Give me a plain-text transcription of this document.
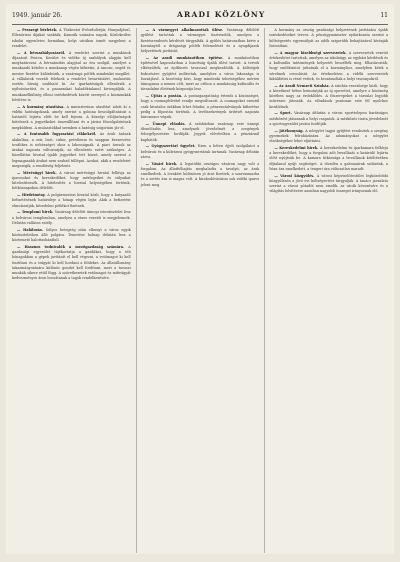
1949. január 26.	ARADI KÖZLÖNY	11

— Pesszegi bérletek. A Tüskevári Évfordulóéjár, Hanyadjával, Ellenőrizni díjakat szabták, Kamrák számára napok, Közlekedési iskolai egyenletes formában, helyi utcákon ismét megjelent a rendelet.

— A bérszabályozásról. A rendelet szerint a munkások díjazását Pesten, Kerület és vidéke új szabályok alapján kell meghatározni. A bérszámítás alapjául az óra szolgál, amelyet a munkaadó köteles a munkanap végén kifizetni. A tanonc, segéd és mester fizetése különbözik, a vasárnapi pótlék mindenkit megillet. A vállalatok vezetői felelnek a rendelet betartásáért, mulasztás esetén bírság szabható ki. Az iparhatóságok ellenőrzik a nyilvántartást, és a panaszokat haladéktalanul kivizsgálják. A munkanélküliség elleni intézkedések között szerepel a közmunkák bővítése is.

— A kormány utasítása. A miniszterium utasítást adott ki a vidéki hatóságoknak, amely szerint a gabona beszolgáltatását a határidő lejárta előtt be kell fejezni. A községi elöljáróságok kötelesek a jegyzékeket összeállítani és a járási főszolgabírónak megküldeni. A mulasztókkal szemben a hatóság szigorúan jár el.

— A fontosabb fogyasztási cikkekről. Az áruk árának alakulása, a zsír, liszt, cukor, petróleum és szappan beszerzése továbbra is nehézséget okoz a lakosságnak. A piaci árusok az árakat naponta változtatják, az ellenőrzés ezért szükséges. A közellátási hivatal újabb jegyzéket tett közzé, amely szerint a legmagasabb árakat nem szabad túllépni. Azokat, akik a rendeletet megszegik, a rendőrség feljelenti.

— Mérésügyi hírek. A városi mérésügyi hivatal felhívja az iparosokat és kereskedőket, hogy mérlegeiket és súlyaikat hitelesíttessék. A hitelesítés a hivatal helyiségében történik, hétköznapokon délelőtt.

— Hirdetmény. A polgármesteri hivatal közli, hogy a kutyaadó befizetésének határideje a hónap végén lejár. Akik a befizetést elmulasztják, késedelmi pótlékot fizetnek.

— Templomi hírek. Vasárnap délelőtt ünnepi istentisztelet lesz a belvárosi templomban, amelyen a város vezetői is megjelennek. Délután vallásos estély.

— Halálozás. Súlyos betegség után elhunyt a város egyik köztiszteletben álló polgára. Temetése holnap délután lesz a köztemető halottasházából.

— Hasznos tudnivalók a mezőgazdaság számára. A gazdasági egyesület tájékoztatja a gazdákat, hogy a téli hónapokban a gépek javítását el kell végezni, a vetőmagot ki kell tisztítani és a trágyát ki kell hordani a földekre. Az állatállomány takarmányozására különös gondot kell fordítani, mert a tavaszi munkák sikere ettől függ. A szövetkezetek vetőmagot és műtrágyát kedvezményes áron bocsátanak a tagok rendelkezésére.

— A vármegyei alkalmazottak ülése. Vasárnap délelőtt gyűlést tartottak a vármegyei tisztviselők, amelyen a fizetésrendezés kérdését tárgyalták. A gyűlés határozatban kérte a kormánytól a drágasági pótlék felemelését és a nyugdíjasok helyzetének javítását.

— Az aradi munkásotthon építése. A munkásotthon építésével kapcsolatban a bizottság újabb ülést tartott. A tervek elkészültek, az építkezés tavasszal megkezdődik. A költségek fedezésére gyűjtést indítottak, amelyhez a város lakossága is hozzájárul. A bizottság kéri, hogy mindenki tehetségéhez mérten támogassa a nemes célt, mert az otthon a munkásság kulturális és társadalmi életének központja lesz.

— Újítás a postán. A postaigazgatóság értesíti a közönséget, hogy a csomagfelvétel rendje megváltozott. A csomagokat ezentúl csak hivatalos órákban lehet feladni, a pénzesutalványok kifizetése pedig a főpostán történik. A levélszekrények ürítését naponta háromszor végzik.

— Ünnepi előadás. A színházban vasárnap este ünnepi díszelőadás lesz, amelynek jövedelmét a szegények felsegélyezésére fordítják. Jegyek elővételben a pénztárnál kaphatók.

— Gyógyszertári ügyelet. Ezen a héten éjjeli szolgálatot a belvárosi és a külvárosi gyógyszertárak tartanak. Vasárnap délután zárva.

— Vásári hírek. A legutóbbi országos vásáron nagy volt a forgalom. Az állatfelhajtás meghaladta a tavalyit, az árak emelkedtek. A lovakért különösen jó árat fizettek, a szarvasmarha és a sertés ára is magas volt. A kirakodóvásáron sok vidéki iparos jelent meg.

A kormány az ország gazdasági helyzetének javítására újabb intézkedéseket tervez. A pénzügyminiszter nyilatkozata szerint a költségvetés egyensúlyát az adók szigorúbb behajtásával kívánják biztosítani.

— A magyar kisebbségi szervezetek. A szervezetek vezetői értekezletet tartottak, amelyen az iskolaügy, az egyházi kérdések és a kulturális intézmények helyzetét beszélték meg. Elhatározták, hogy emlékiratot juttatnak el a kormányhoz, amelyben kérik a sérelmek orvoslását. Az értekezleten a vidéki szervezetek kiküldöttei is részt vettek, és beszámoltak a helyi viszonyokról.

— Az Aradi Nemzeti Színház. A színház vezetősége közli, hogy a következő héten bemutatják az új operettet, amelyre a közönség körében nagy az érdeklődés. A főszerepeket a társulat legjobb művészei játsszák. Az előadások pontosan este fél nyolckor kezdődnek.

— Sport. Vasárnap délután a városi sporttelepen barátságos mérkőzést játszanak a helyi csapatok. A mérkőzés tiszta jövedelmét a sportegyesület javára fordítják.

— Jótékonyság. A nőegylet tagjai gyűjtést rendeztek a szegény gyermekek felruházására. Az adományokat a nőegylet elnökségéhez lehet eljuttatni.

— Kereskedelmi hírek. A kereskedelmi és iparkamara felhívja a kereskedőket, hogy a forgalmi adó bevallását a határidő lejárta előtt nyújtsák be. A kamara titkársága a bevallások kitöltésében díjtalanul nyújt segítséget. A tőzsdén a gabonaárak szilárdak, a búza ára emelkedett, a tengeri ára változatlan maradt.

— Városi közgyűlés. A városi képviselőtestület legközelebbi közgyűlésén a jövő évi költségvetést tárgyalják. A tanács javaslata szerint a városi pótadót nem emelik, az utcák kövezésére és a világítás bővítésére azonban nagyobb összeget irányoznak elő.
